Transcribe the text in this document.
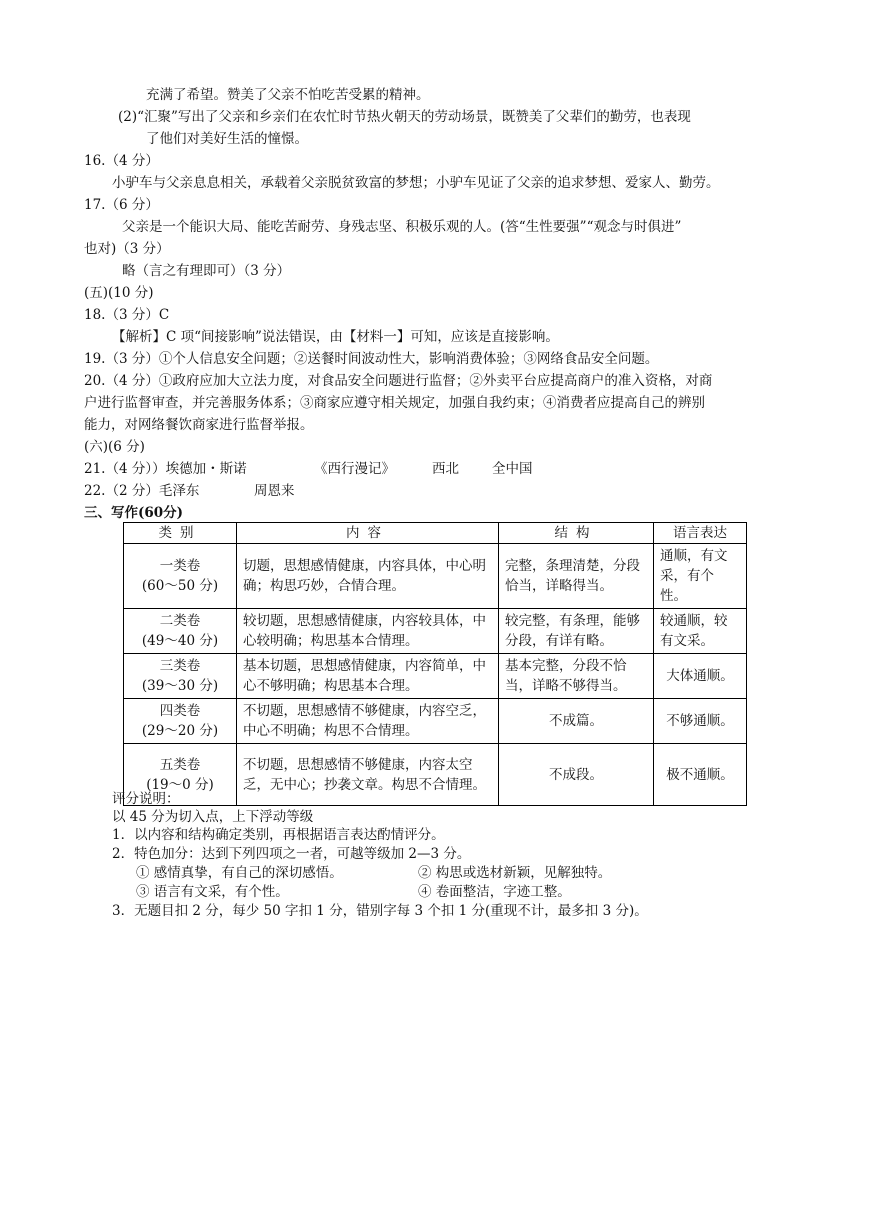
充满了希望。赞美了父亲不怕吃苦受累的精神。
(2)“汇聚”写出了父亲和乡亲们在农忙时节热火朝天的劳动场景，既赞美了父辈们的勤劳，也表现
了他们对美好生活的憧憬。
16.（4 分）
小驴车与父亲息息相关，承载着父亲脱贫致富的梦想；小驴车见证了父亲的追求梦想、爱家人、勤劳。
17.（6 分）
父亲是一个能识大局、能吃苦耐劳、身残志坚、积极乐观的人。(答“生性要强”“观念与时俱进”
也对)（3 分）
略（言之有理即可）（3 分）
(五)(10 分)
18.（3 分）C
【解析】C 项“间接影响”说法错误，由【材料一】可知，应该是直接影响。
19.（3 分）①个人信息安全问题；②送餐时间波动性大，影响消费体验；③网络食品安全问题。
20.（4 分）①政府应加大立法力度，对食品安全问题进行监督；②外卖平台应提高商户的准入资格，对商
户进行监督审查，并完善服务体系；③商家应遵守相关规定，加强自我约束；④消费者应提高自己的辨别
能力，对网络餐饮商家进行监督举报。
(六)(6 分)
21.（4 分））埃德加・斯诺	《西行漫记》	西北 全中国
22.（2 分）毛泽东	周恩来
三、写作(60分)
类别	内容	结构	语言表达

一类卷
(60～50 分)	切题，思想感情健康，内容具体，中心明确；构思巧妙，合情合理。	完整，条理清楚，分段恰当，详略得当。	通顺，有文采，有个性。

二类卷
(49～40 分)	较切题，思想感情健康，内容较具体，中心较明确；构思基本合情理。	较完整，有条理，能够分段，有详有略。	较通顺，较有文采。

三类卷
(39～30 分)	基本切题，思想感情健康，内容简单，中心不够明确；构思基本合理。	基本完整，分段不恰当，详略不够得当。	大体通顺。

四类卷
(29～20 分)	不切题，思想感情不够健康，内容空乏，中心不明确；构思不合情理。	不成篇。	不够通顺。

五类卷
(19～0 分)	不切题，思想感情不够健康，内容太空乏，无中心；抄袭文章。构思不合情理。	不成段。	极不通顺。
评分说明：
以 45 分为切入点，上下浮动等级
1．以内容和结构确定类别，再根据语言表达酌情评分。
2．特色加分：达到下列四项之一者，可越等级加 2—3 分。
① 感情真挚，有自己的深切感悟。	② 构思或选材新颖，见解独特。
③ 语言有文采，有个性。	④ 卷面整洁，字迹工整。
3．无题目扣 2 分，每少 50 字扣 1 分，错别字每 3 个扣 1 分(重现不计，最多扣 3 分)。
